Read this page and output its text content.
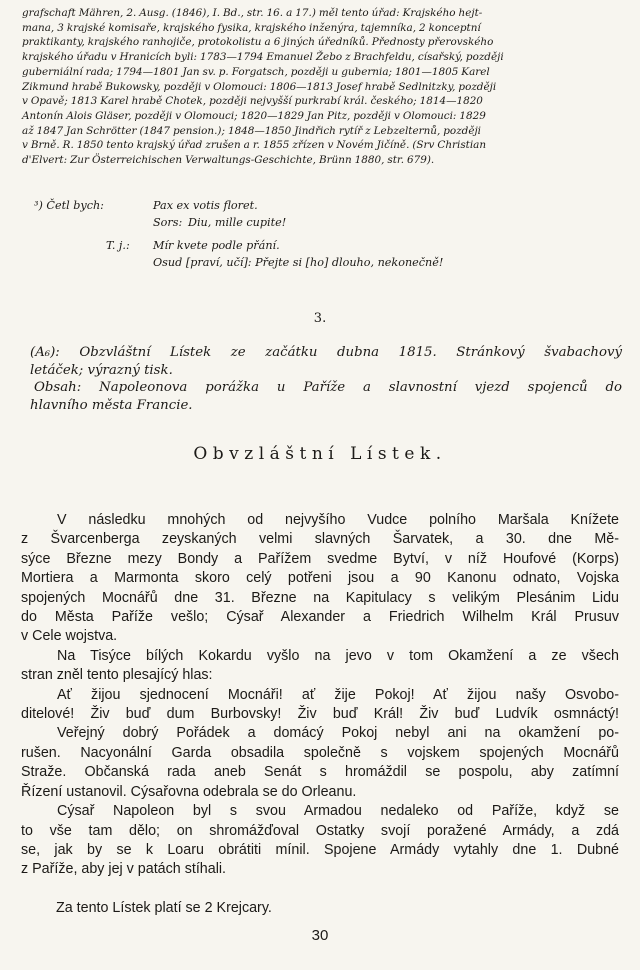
grafschaft Mähren, 2. Ausg. (1846), I. Bd., str. 16. a 17.) měl tento úřad: Krajského hejt-
mana, 3 krajské komisaře, krajského fysika, krajského inženýra, tajemníka, 2 konceptní
praktikanty, krajského ranhojiče, protokolistu a 6 jiných úředníků. Přednosty přerovského
krajského úřadu v Hranicích byli: 1783—1794 Emanuel Žebo z Brachfeldu, císařský, později
guberniální rada; 1794—1801 Jan sv. p. Forgatsch, později u gubernia; 1801—1805 Karel
Zikmund hrabě Bukowsky, později v Olomouci: 1806—1813 Josef hrabě Sedlnitzky, později
v Opavě; 1813 Karel hrabě Chotek, později nejvyšší purkrabí král. českého; 1814—1820
Antonín Alois Gläser, později v Olomouci; 1820—1829 Jan Pitz, později v Olomouci: 1829
až 1847 Jan Schrötter (1847 pension.); 1848—1850 Jindřich rytíř z Lebzelternů, později
v Brně. R. 1850 tento krajský úřad zrušen a r. 1855 zřízen v Novém Jičíně. (Srv Christian
d'Elvert: Zur Österreichischen Verwaltungs-Geschichte, Brünn 1880, str. 679).
³) Četl bych:	Pax ex votis floret.
Sors: Diu, mille cupite!
T. j.: Mír kvete podle přání.
Osud [praví, učí]: Přejte si [ho] dlouho, nekonečně!
3.

(A₆): Obzvláštní Lístek ze začátku dubna 1815. Stránkový švabachový

letáček; výrazný tisk.

Obsah: Napoleonova porážka u Paříže a slavnostní vjezd spojenců do

hlavního města Francie.

Obvzláštní Lístek.

V následku mnohých od nejvyšího Vudce polního Maršala Knížete

z Švarcenberga zeyskaných velmi slavných Šarvatek, a 30. dne Mě-

sýce Březne mezy Bondy a Pařížem svedme Bytví, v níž Houfové (Korps)

Mortiera a Marmonta skoro celý potřeni jsou a 90 Kanonu odnato, Vojska

spojených Mocnářů dne 31. Březne na Kapitulacy s velikým Plesánim Lidu

do Města Paříže vešlo; Cýsař Alexander a Friedrich Wilhelm Král Prusuv

v Cele wojstva.

Na Tisýce bílých Kokardu vyšlo na jevo v tom Okamžení a ze všech

stran zněl tento plesajícý hlas:

Ať žijou sjednocení Mocnáři! ať žije Pokoj! Ať žijou našy Osvobo-

ditelové! Živ buď dum Burbovsky! Živ buď Král! Živ buď Ludvík osmnáctý!

Veřejný dobrý Pořádek a domácý Pokoj nebyl ani na okamžení po-

rušen. Nacyonální Garda obsadila společně s vojskem spojených Mocnářů

Straže. Občanská rada aneb Senát s hromáždil se pospolu, aby zatímní

Řízení ustanovil. Cýsařovna odebrala se do Orleanu.

Cýsař Napoleon byl s svou Armadou nedaleko od Paříže, když se

to vše tam dělo; on shromážďoval Ostatky svojí poražené Armády, a zdá

se, jak by se k Loaru obrátiti mínil. Spojene Armády vytahly dne 1. Dubné

z Paříže, aby jej v patách stíhali.

Za tento Lístek platí se 2 Krejcary.
30
